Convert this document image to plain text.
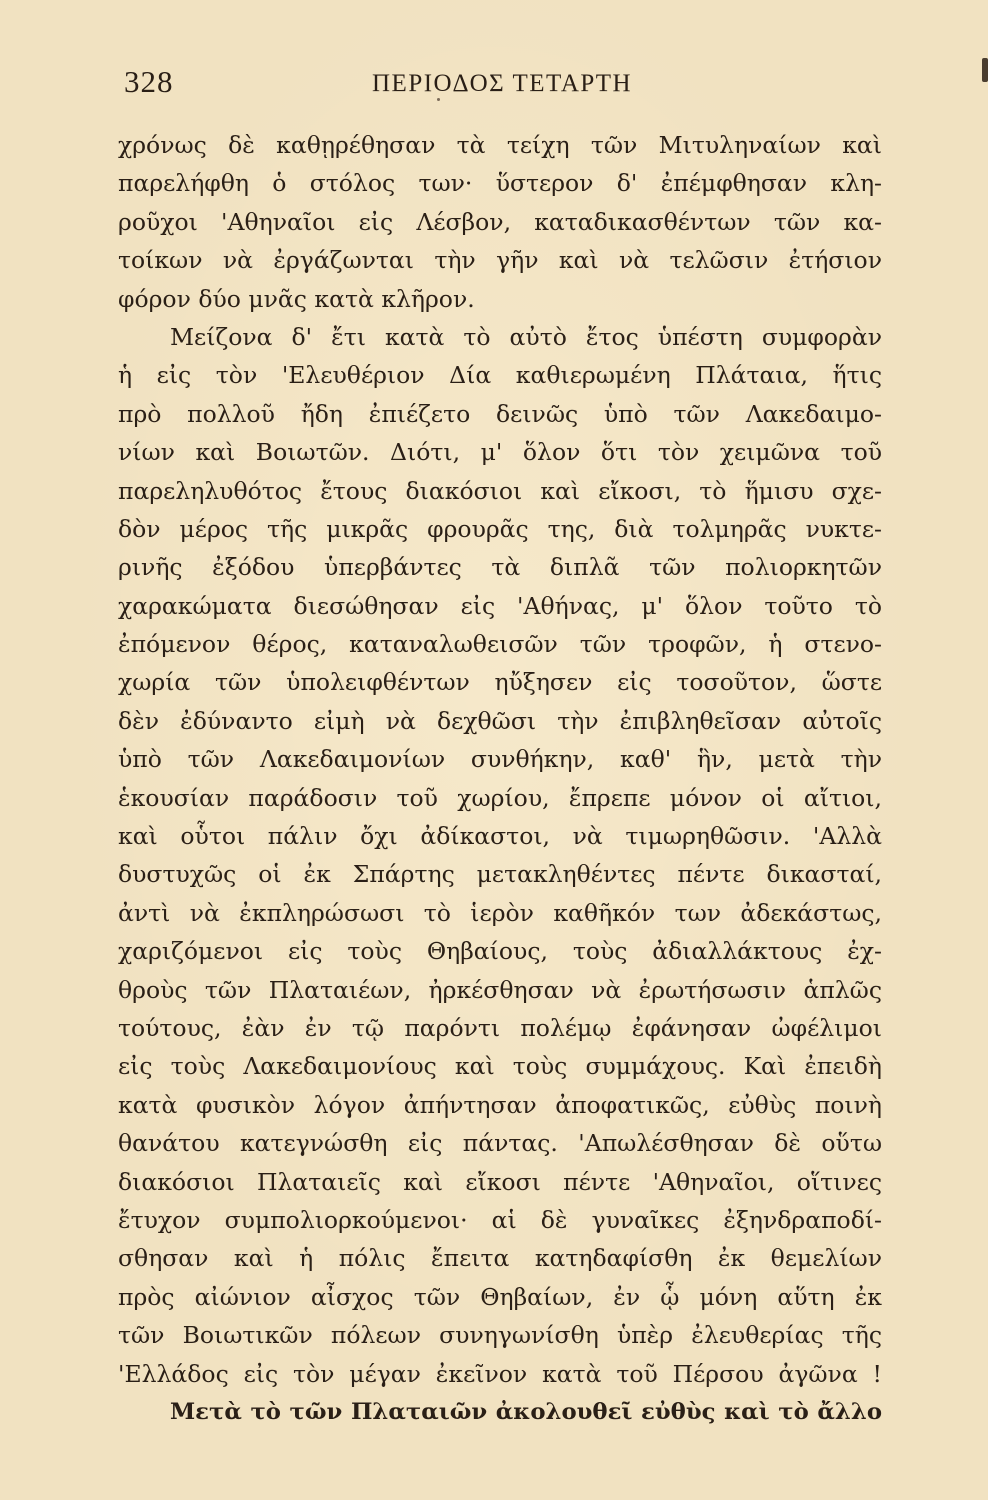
328	ΠΕΡΙΟΔΟΣ ΤΕΤΑΡΤΗ
χρόνως δὲ καθῃρέθησαν τὰ τείχη τῶν Μιτυληναίων καὶ
παρελήφθη ὁ στόλος των· ὕστερον δ' ἐπέμφθησαν κλη-
ροῦχοι 'Αθηναῖοι εἰς Λέσβον, καταδικασθέντων τῶν κα-
τοίκων νὰ ἐργάζωνται τὴν γῆν καὶ νὰ τελῶσιν ἐτήσιον
φόρον δύο μνᾶς κατὰ κλῆρον.
Μείζονα δ' ἔτι κατὰ τὸ αὐτὸ ἔτος ὑπέστη συμφορὰν
ἡ εἰς τὸν 'Ελευθέριον Δία καθιερωμένη Πλάταια, ἥτις
πρὸ πολλοῦ ἤδη ἐπιέζετο δεινῶς ὑπὸ τῶν Λακεδαιμο-
νίων καὶ Βοιωτῶν. Διότι, μ' ὅλον ὅτι τὸν χειμῶνα τοῦ
παρεληλυθότος ἔτους διακόσιοι καὶ εἴκοσι, τὸ ἥμισυ σχε-
δὸν μέρος τῆς μικρᾶς φρουρᾶς της, διὰ τολμηρᾶς νυκτε-
ρινῆς ἐξόδου ὑπερβάντες τὰ διπλᾶ τῶν πολιορκητῶν
χαρακώματα διεσώθησαν εἰς 'Αθήνας, μ' ὅλον τοῦτο τὸ
ἐπόμενον θέρος, καταναλωθεισῶν τῶν τροφῶν, ἡ στενο-
χωρία τῶν ὑπολειφθέντων ηὔξησεν εἰς τοσοῦτον, ὥστε
δὲν ἐδύναντο εἰμὴ νὰ δεχθῶσι τὴν ἐπιβληθεῖσαν αὐτοῖς
ὑπὸ τῶν Λακεδαιμονίων συνθήκην, καθ' ἣν, μετὰ τὴν
ἑκουσίαν παράδοσιν τοῦ χωρίου, ἔπρεπε μόνον οἱ αἴτιοι,
καὶ οὗτοι πάλιν ὄχι ἀδίκαστοι, νὰ τιμωρηθῶσιν. 'Αλλὰ
δυστυχῶς οἱ ἐκ Σπάρτης μετακληθέντες πέντε δικασταί,
ἀντὶ νὰ ἐκπληρώσωσι τὸ ἱερὸν καθῆκόν των ἀδεκάστως,
χαριζόμενοι εἰς τοὺς Θηβαίους, τοὺς ἀδιαλλάκτους ἐχ-
θροὺς τῶν Πλαταιέων, ἠρκέσθησαν νὰ ἐρωτήσωσιν ἁπλῶς
τούτους, ἐὰν ἐν τῷ παρόντι πολέμῳ ἐφάνησαν ὠφέλιμοι
εἰς τοὺς Λακεδαιμονίους καὶ τοὺς συμμάχους. Καὶ ἐπειδὴ
κατὰ φυσικὸν λόγον ἀπήντησαν ἀποφατικῶς, εὐθὺς ποινὴ
θανάτου κατεγνώσθη εἰς πάντας. 'Απωλέσθησαν δὲ οὕτω
διακόσιοι Πλαταιεῖς καὶ εἴκοσι πέντε 'Αθηναῖοι, οἵτινες
ἔτυχον συμπολιορκούμενοι· αἱ δὲ γυναῖκες ἐξηνδραποδί-
σθησαν καὶ ἡ πόλις ἔπειτα κατηδαφίσθη ἐκ θεμελίων
πρὸς αἰώνιον αἶσχος τῶν Θηβαίων, ἐν ᾧ μόνη αὕτη ἐκ
τῶν Βοιωτικῶν πόλεων συνηγωνίσθη ὑπὲρ ἐλευθερίας τῆς
'Ελλάδος εἰς τὸν μέγαν ἐκεῖνον κατὰ τοῦ Πέρσου ἀγῶνα !
Μετὰ τὸ τῶν Πλαταιῶν ἀκολουθεῖ εὐθὺς καὶ τὸ ἄλλο
